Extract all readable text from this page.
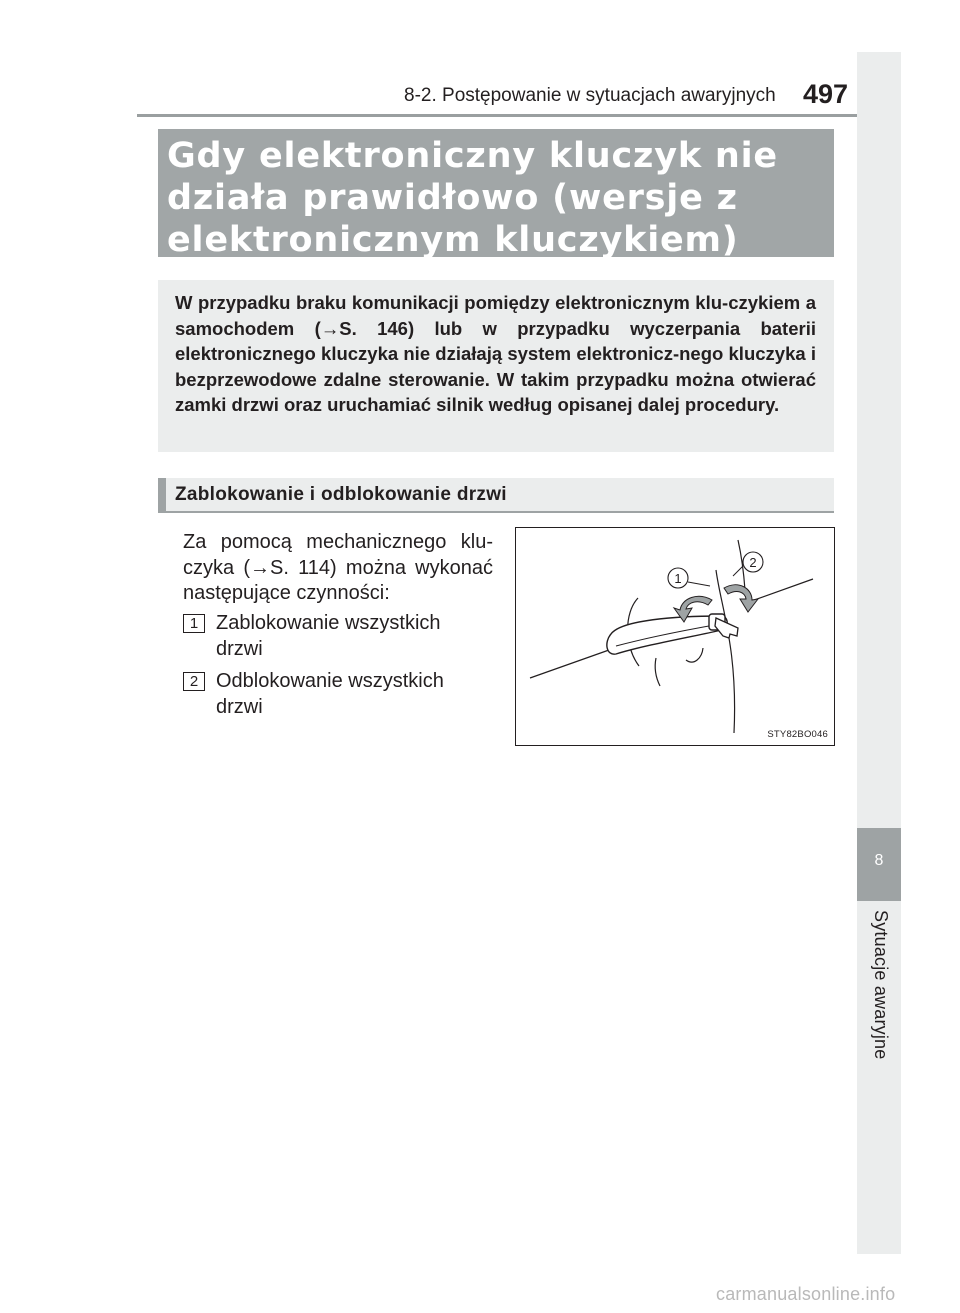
8-2. Postępowanie w sytuacjach awaryjnych 497
8
Sytuacje awaryjne
Gdy elektroniczny kluczyk nie działa prawidłowo (wersje z elektronicznym kluczykiem)

W przypadku braku komunikacji pomiędzy elektronicznym klu-czykiem a samochodem (→S. 146) lub w przypadku wyczerpania baterii elektronicznego kluczyka nie działają system elektronicz-nego kluczyka i bezprzewodowe zdalne sterowanie. W takim przypadku można otwierać zamki drzwi oraz uruchamiać silnik według opisanej dalej procedury.

Zablokowanie i odblokowanie drzwi
Za pomocą mechanicznego klu-czyka (→S. 114) można wykonać następujące czynności:
1 Zablokowanie wszystkich drzwi
2 Odblokowanie wszystkich drzwi
1
2
STY82BO046
carmanualsonline.info
